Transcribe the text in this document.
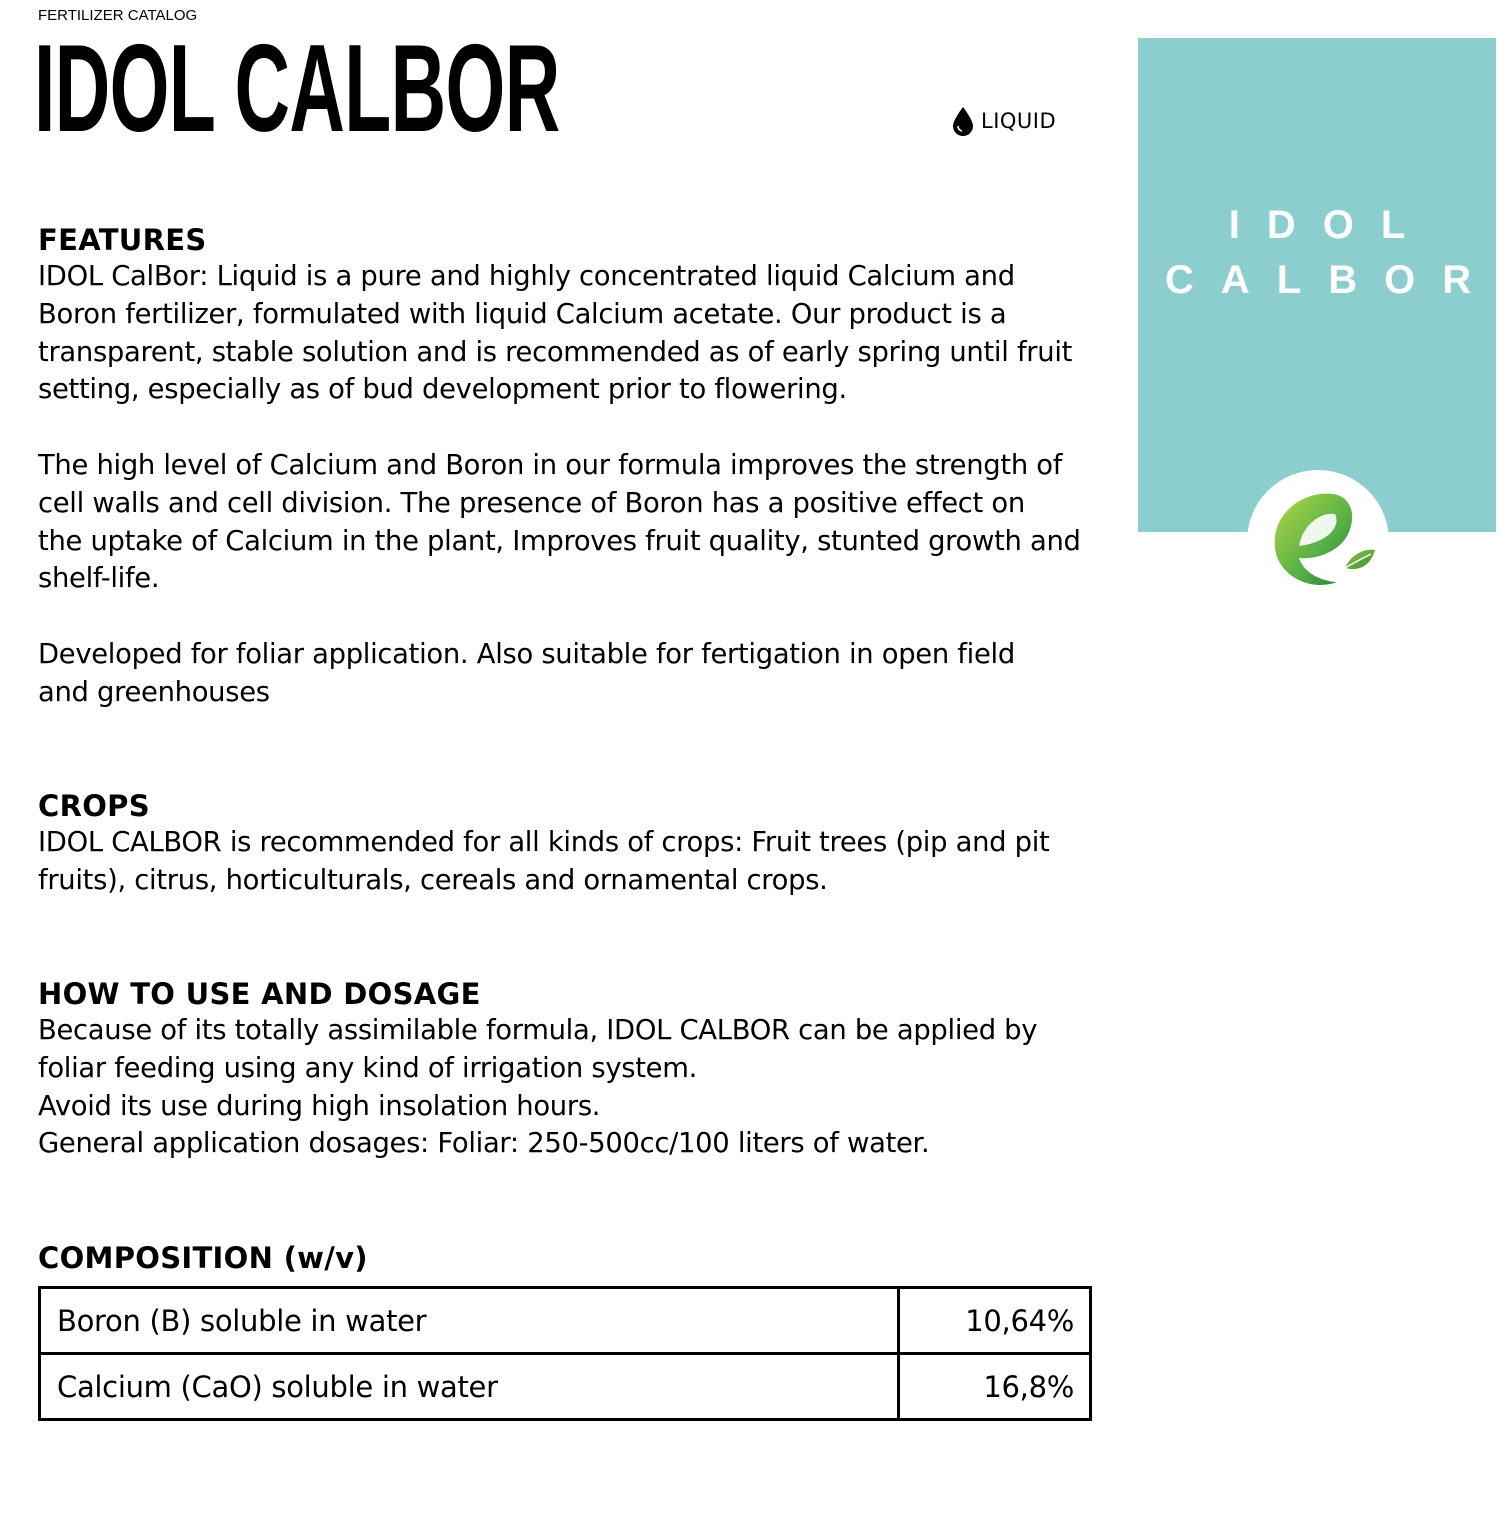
FERTILIZER CATALOG
IDOL CALBOR	LIQUID
FEATURES

IDOL CalBor: Liquid is a pure and highly concentrated liquid Calcium and
Boron fertilizer, formulated with liquid Calcium acetate. Our product is a
transparent, stable solution and is recommended as of early spring until fruit
setting, especially as of bud development prior to flowering.

The high level of Calcium and Boron in our formula improves the strength of
cell walls and cell division. The presence of Boron has a positive effect on
the uptake of Calcium in the plant, Improves fruit quality, stunted growth and
shelf-life.

Developed for foliar application. Also suitable for fertigation in open field
and greenhouses

CROPS

IDOL CALBOR is recommended for all kinds of crops: Fruit trees (pip and pit
fruits), citrus, horticulturals, cereals and ornamental crops.

HOW TO USE AND DOSAGE

Because of its totally assimilable formula, IDOL CALBOR can be applied by
foliar feeding using any kind of irrigation system.
Avoid its use during high insolation hours.
General application dosages: Foliar: 250-500cc/100 liters of water.

COMPOSITION (w/v)
Boron (B) soluble in water	10,64%
Calcium (CaO) soluble in water	16,8%
IDOL
CALBOR
